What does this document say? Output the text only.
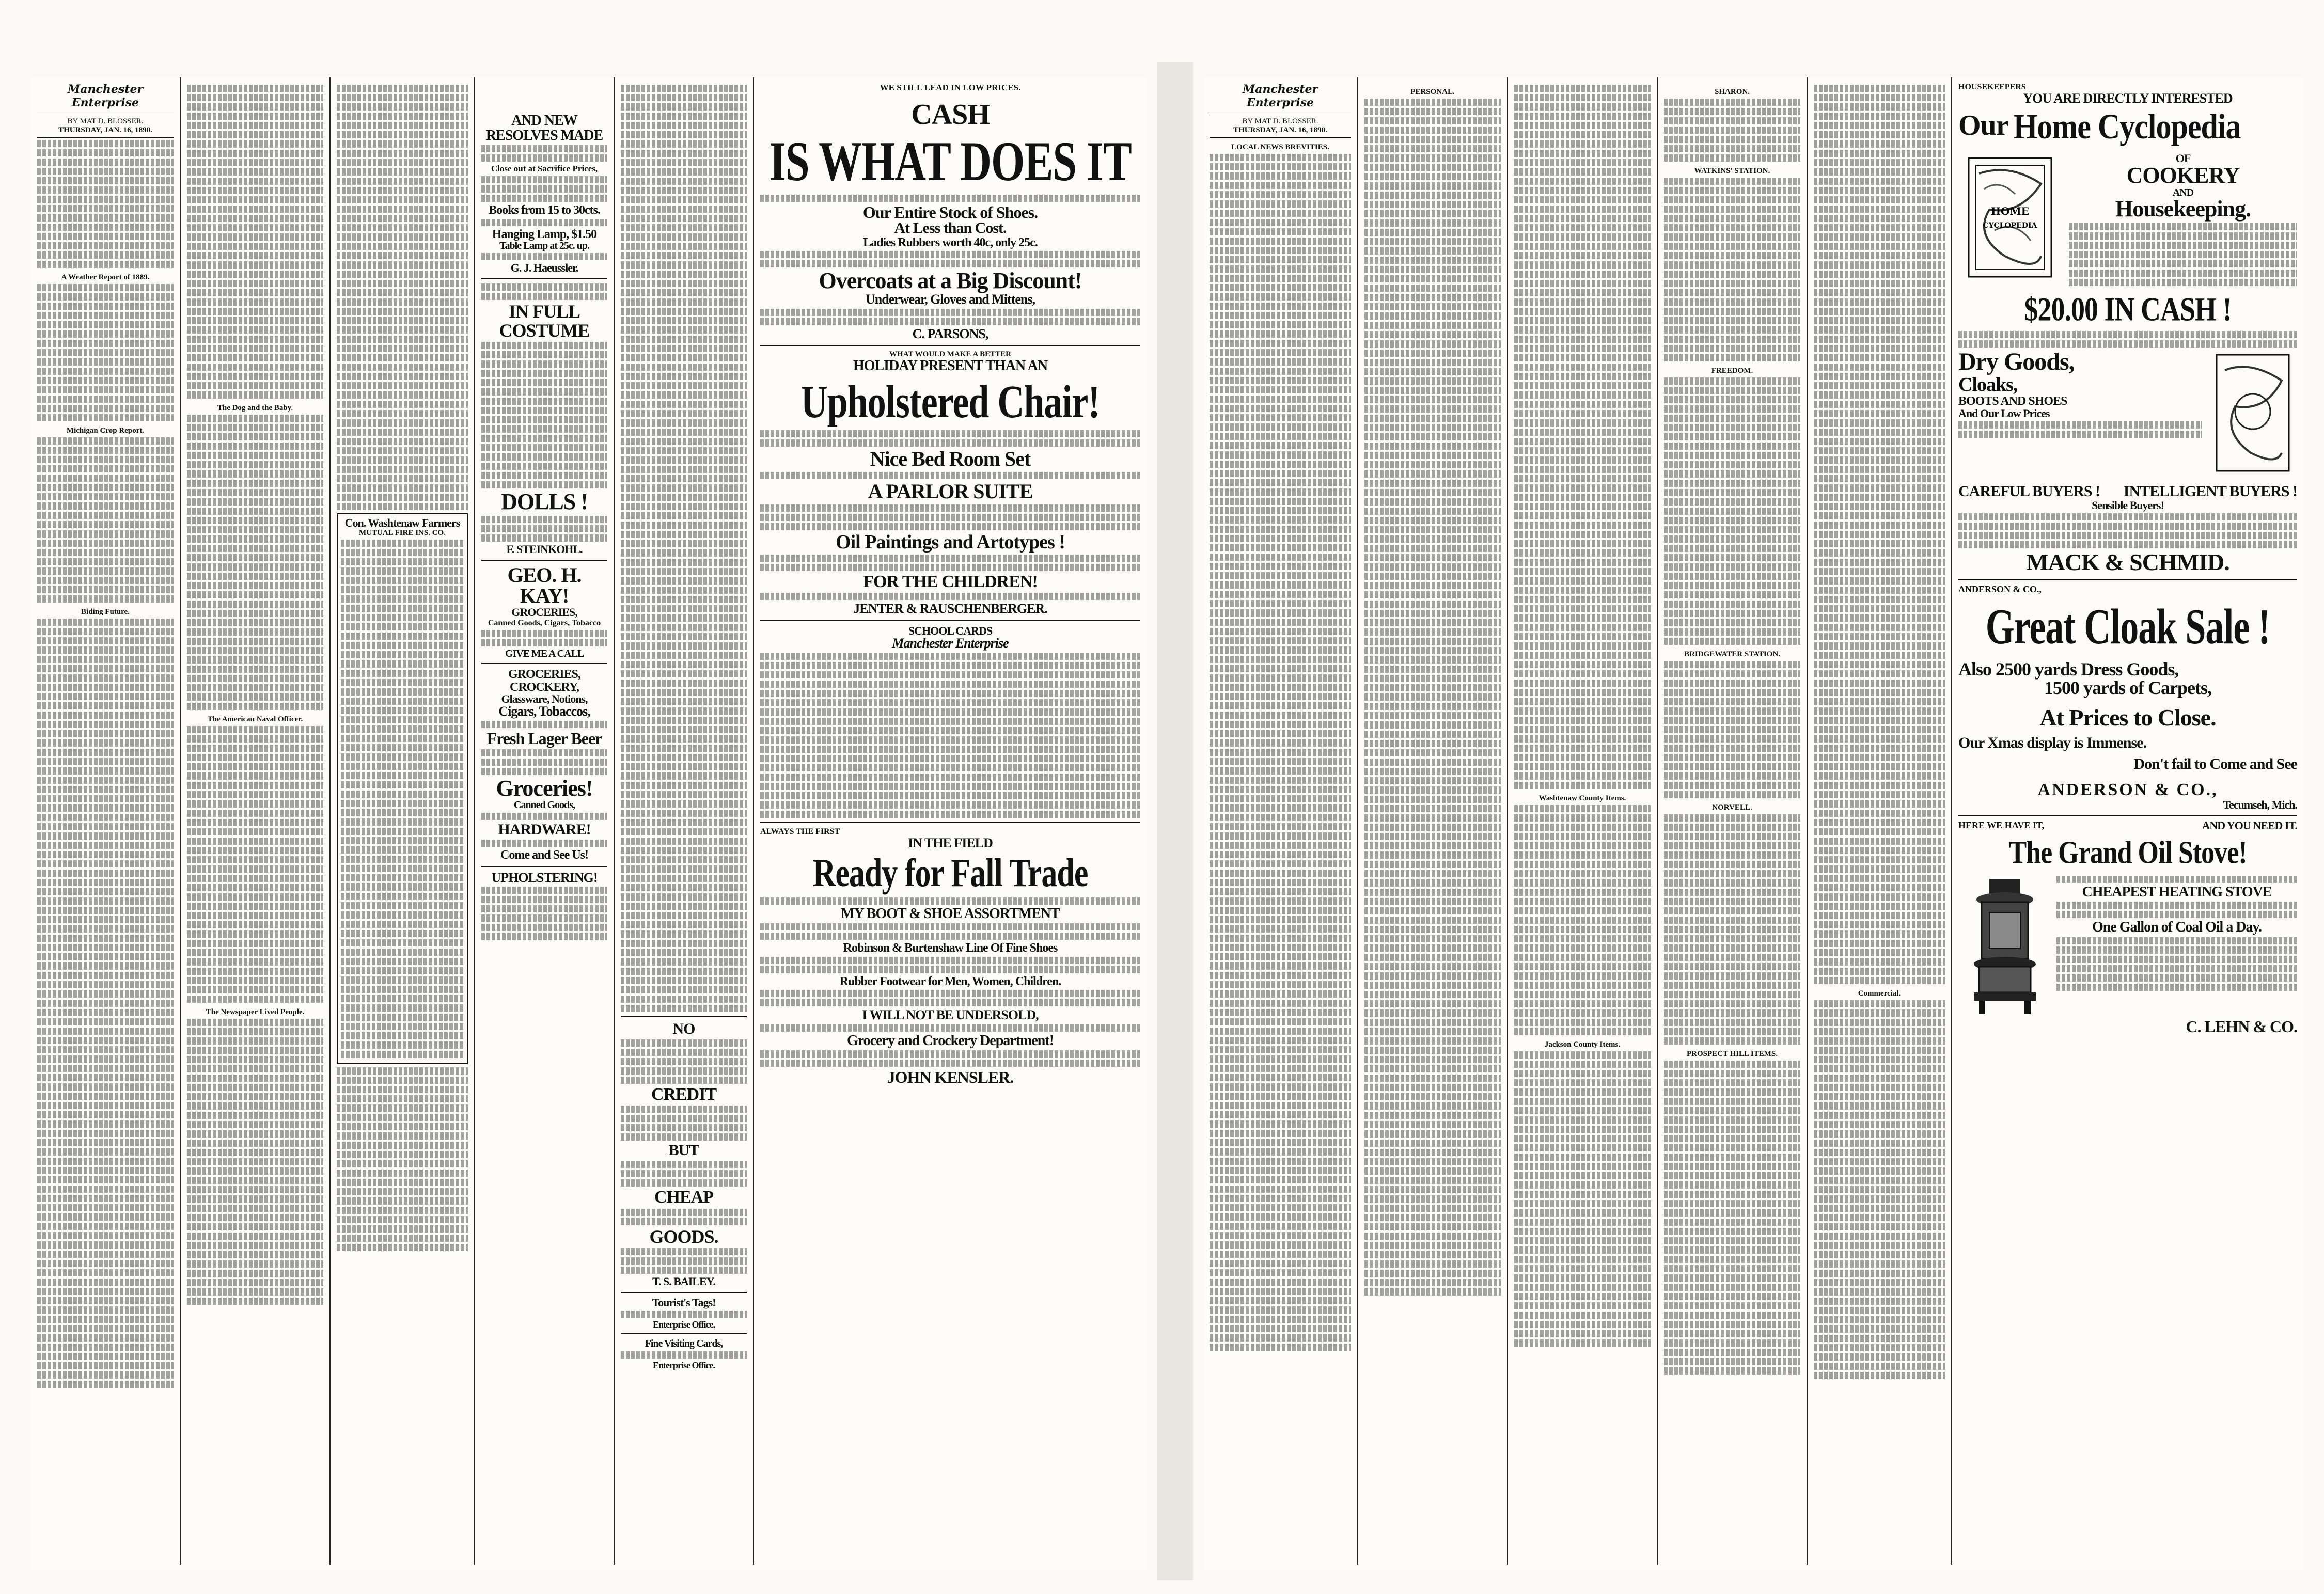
Manchester Enterprise
BY MAT D. BLOSSER.
THURSDAY, JAN. 16, 1890.
A Weather Report of 1889.
Michigan Crop Report.
Biding Future.
The Dog and the Baby.
The American Naval Officer.
The Newspaper Lived People.
Con. Washtenaw Farmers
MUTUAL FIRE INS. CO.
AND NEW RESOLVES MADE
Close out at Sacrifice Prices,
Books from 15 to 30cts.
Hanging Lamp, $1.50
Table Lamp at 25c. up.
G. J. Haeussler.
IN FULL COSTUME
DOLLS !
F. STEINKOHL.
GEO. H. KAY!
GROCERIES,
Canned Goods, Cigars, Tobacco
GIVE ME A CALL
GROCERIES, CROCKERY,
Glassware, Notions,
Cigars, Tobaccos,
Fresh Lager Beer
Groceries!
Canned Goods,
HARDWARE!
Come and See Us!
UPHOLSTERING!
NO
CREDIT
BUT
CHEAP
GOODS.
T. S. BAILEY.
Tourist's Tags!
Enterprise Office.
Fine Visiting Cards,
Enterprise Office.
WE STILL LEAD IN LOW PRICES.
CASH
IS WHAT DOES IT
Our Entire Stock of Shoes.
At Less than Cost.
Ladies Rubbers worth 40c, only 25c.
Overcoats at a Big Discount!
Underwear, Gloves and Mittens,
C. PARSONS,
WHAT WOULD MAKE A BETTER
HOLIDAY PRESENT THAN AN
Upholstered Chair!
Nice Bed Room Set
A PARLOR SUITE
Oil Paintings and Artotypes !
FOR THE CHILDREN!
JENTER & RAUSCHENBERGER.
SCHOOL CARDS
Manchester Enterprise
ALWAYS THE FIRST
IN THE FIELD
Ready for Fall Trade
MY BOOT & SHOE ASSORTMENT
Robinson & Burtenshaw Line Of Fine Shoes
Rubber Footwear for Men, Women, Children.
I WILL NOT BE UNDERSOLD,
Grocery and Crockery Department!
JOHN KENSLER.
Manchester Enterprise
BY MAT D. BLOSSER.
THURSDAY, JAN. 16, 1890.
LOCAL NEWS BREVITIES.
PERSONAL.
Washtenaw County Items.
Jackson County Items.
SHARON.
WATKINS' STATION.
FREEDOM.
BRIDGEWATER STATION.
NORVELL.
PROSPECT HILL ITEMS.
Commercial.
HOUSEKEEPERS
YOU ARE DIRECTLY INTERESTED
Our Home Cyclopedia
HOME
CYCLOPEDIA
OF
COOKERY
AND
Housekeeping.
$20.00 IN CASH !
Dry Goods,
Cloaks,
BOOTS AND SHOES
And Our Low Prices
CAREFUL BUYERS ! INTELLIGENT BUYERS !
Sensible Buyers!
MACK & SCHMID.
ANDERSON & CO.,
Great Cloak Sale !
Also 2500 yards Dress Goods,
1500 yards of Carpets,
At Prices to Close.
Our Xmas display is Immense.
Don't fail to Come and See
ANDERSON & CO.,
Tecumseh, Mich.
HERE WE HAVE IT,	AND YOU NEED IT.
The Grand Oil Stove!
CHEAPEST HEATING STOVE
One Gallon of Coal Oil a Day.
C. LEHN & CO.
